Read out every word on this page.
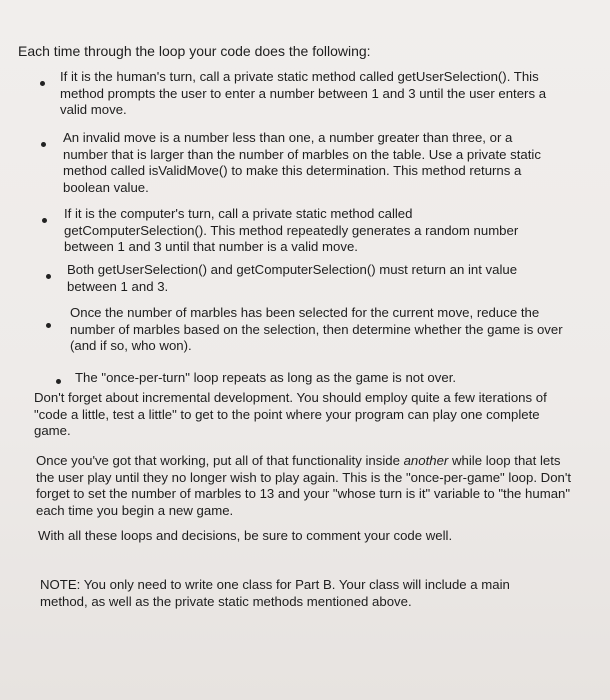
Each time through the loop your code does the following:

If it is the human's turn, call a private static method called getUserSelection(). This method prompts the user to enter a number between 1 and 3 until the user enters a valid move.

An invalid move is a number less than one, a number greater than three, or a number that is larger than the number of marbles on the table. Use a private static method called isValidMove() to make this determination. This method returns a boolean value.

If it is the computer's turn, call a private static method called getComputerSelection(). This method repeatedly generates a random number between 1 and 3 until that number is a valid move.

Both getUserSelection() and getComputerSelection() must return an int value between 1 and 3.

Once the number of marbles has been selected for the current move, reduce the number of marbles based on the selection, then determine whether the game is over (and if so, who won).

The "once-per-turn" loop repeats as long as the game is not over.

Don't forget about incremental development. You should employ quite a few iterations of "code a little, test a little" to get to the point where your program can play one complete game.

Once you've got that working, put all of that functionality inside another while loop that lets the user play until they no longer wish to play again. This is the "once-per-game" loop. Don't forget to set the number of marbles to 13 and your "whose turn is it" variable to "the human" each time you begin a new game.

With all these loops and decisions, be sure to comment your code well.

NOTE: You only need to write one class for Part B. Your class will include a main method, as well as the private static methods mentioned above.
